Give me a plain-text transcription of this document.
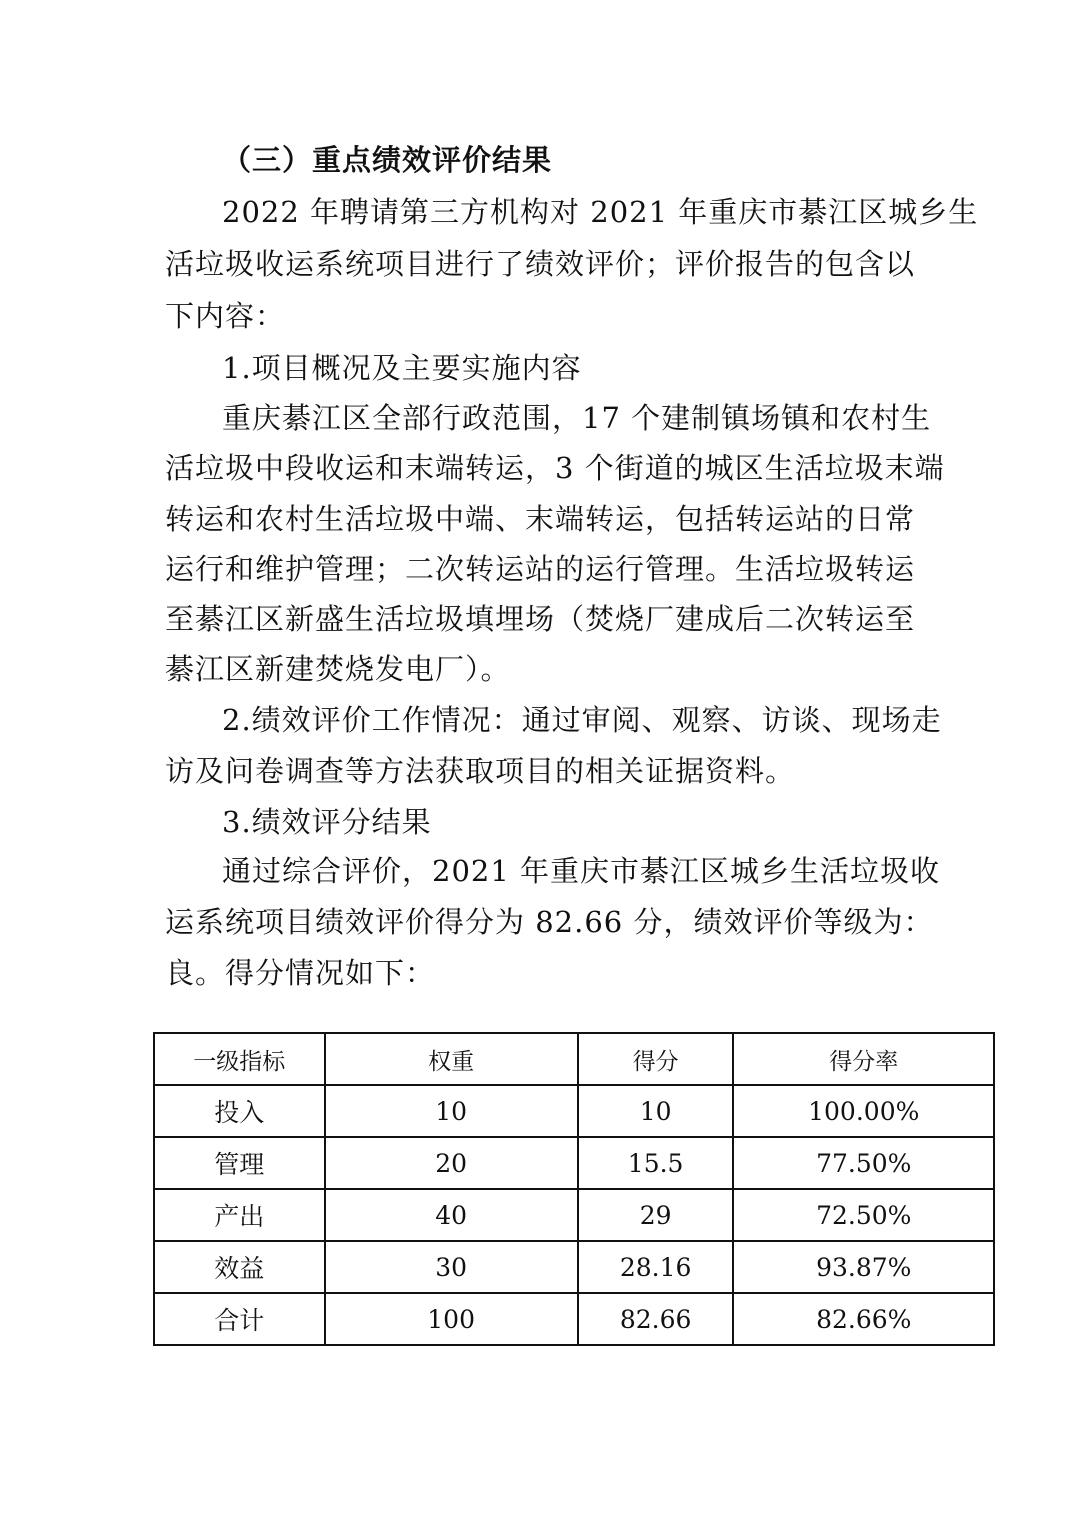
（三）重点绩效评价结果
2022 年聘请第三方机构对 2021 年重庆市綦江区城乡生
活垃圾收运系统项目进行了绩效评价；评价报告的包含以
下内容：
1.项目概况及主要实施内容
重庆綦江区全部行政范围，17 个建制镇场镇和农村生
活垃圾中段收运和末端转运，3 个街道的城区生活垃圾末端
转运和农村生活垃圾中端、末端转运，包括转运站的日常
运行和维护管理；二次转运站的运行管理。生活垃圾转运
至綦江区新盛生活垃圾填埋场（焚烧厂建成后二次转运至
綦江区新建焚烧发电厂）。
2.绩效评价工作情况：通过审阅、观察、访谈、现场走
访及问卷调查等方法获取项目的相关证据资料。
3.绩效评分结果
通过综合评价，2021 年重庆市綦江区城乡生活垃圾收
运系统项目绩效评价得分为 82.66 分，绩效评价等级为：
良。得分情况如下：
一级指标	权重	得分	得分率
投入	10	10	100.00%
管理	20	15.5	77.50%
产出	40	29	72.50%
效益	30	28.16	93.87%
合计	100	82.66	82.66%
